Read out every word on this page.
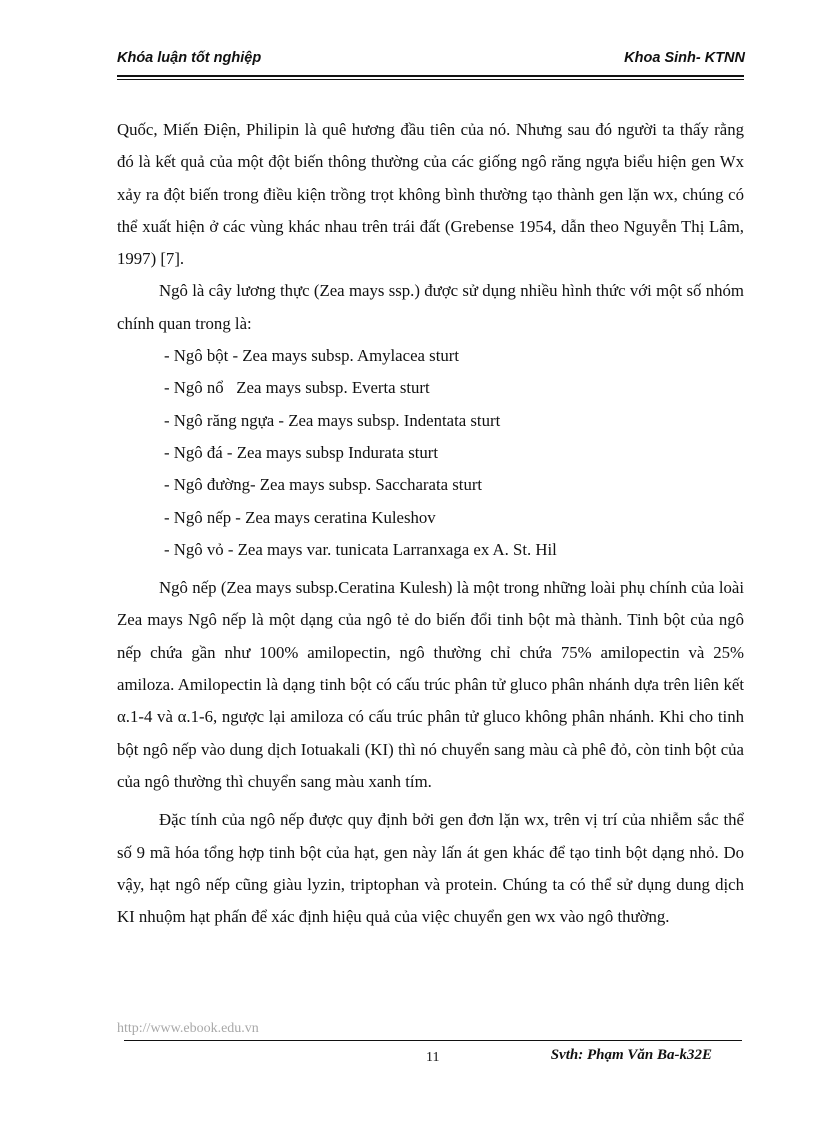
Khóa luận tốt nghiệp	Khoa Sinh- KTNN

Quốc, Miến Điện, Philipin là quê hương đầu tiên của nó. Nhưng sau đó người ta thấy rằng đó là kết quả của một đột biến thông thường của các giống ngô răng ngựa biểu hiện gen Wx xảy ra đột biến trong điều kiện trồng trọt không bình thường tạo thành gen lặn wx, chúng có thể xuất hiện ở các vùng khác nhau trên trái đất (Grebense 1954, dẫn theo Nguyễn Thị Lâm, 1997) [7].

Ngô là cây lương thực (Zea mays ssp.) được sử dụng nhiều hình thức với một số nhóm chính quan trong là:

- Ngô bột - Zea mays subsp. Amylacea sturt
- Ngô nổ   Zea mays subsp. Everta sturt
- Ngô răng ngựa - Zea mays subsp. Indentata sturt
- Ngô đá - Zea mays subsp Indurata sturt
- Ngô đường- Zea mays subsp. Saccharata sturt
- Ngô nếp - Zea mays ceratina Kuleshov
- Ngô vỏ - Zea mays var. tunicata Larranxaga ex A. St. Hil

Ngô nếp (Zea mays subsp.Ceratina Kulesh) là một trong những loài phụ chính của loài Zea mays Ngô nếp là một dạng của ngô tẻ do biến đổi tinh bột mà thành. Tinh bột của ngô nếp chứa gần như 100% amilopectin, ngô thường chỉ chứa 75% amilopectin và 25% amiloza. Amilopectin là dạng tinh bột có cấu trúc phân tử gluco phân nhánh dựa trên liên kết α.1-4 và α.1-6, ngược lại amiloza có cấu trúc phân tử gluco không phân nhánh. Khi cho tinh bột ngô nếp vào dung dịch Iotuakali (KI) thì nó chuyển sang màu cà phê đỏ, còn tinh bột của của ngô thường thì chuyển sang màu xanh tím.

Đặc tính của ngô nếp được quy định bởi gen đơn lặn wx, trên vị trí của nhiễm sắc thể số 9 mã hóa tổng hợp tinh bột của hạt, gen này lấn át gen khác để tạo tinh bột dạng nhỏ. Do vậy, hạt ngô nếp cũng giàu lyzin, triptophan và protein. Chúng ta có thể sử dụng dung dịch KI nhuộm hạt phấn để xác định hiệu quả của việc chuyển gen wx vào ngô thường.

http://www.ebook.edu.vn
11	Svth: Phạm Văn Ba-k32E
